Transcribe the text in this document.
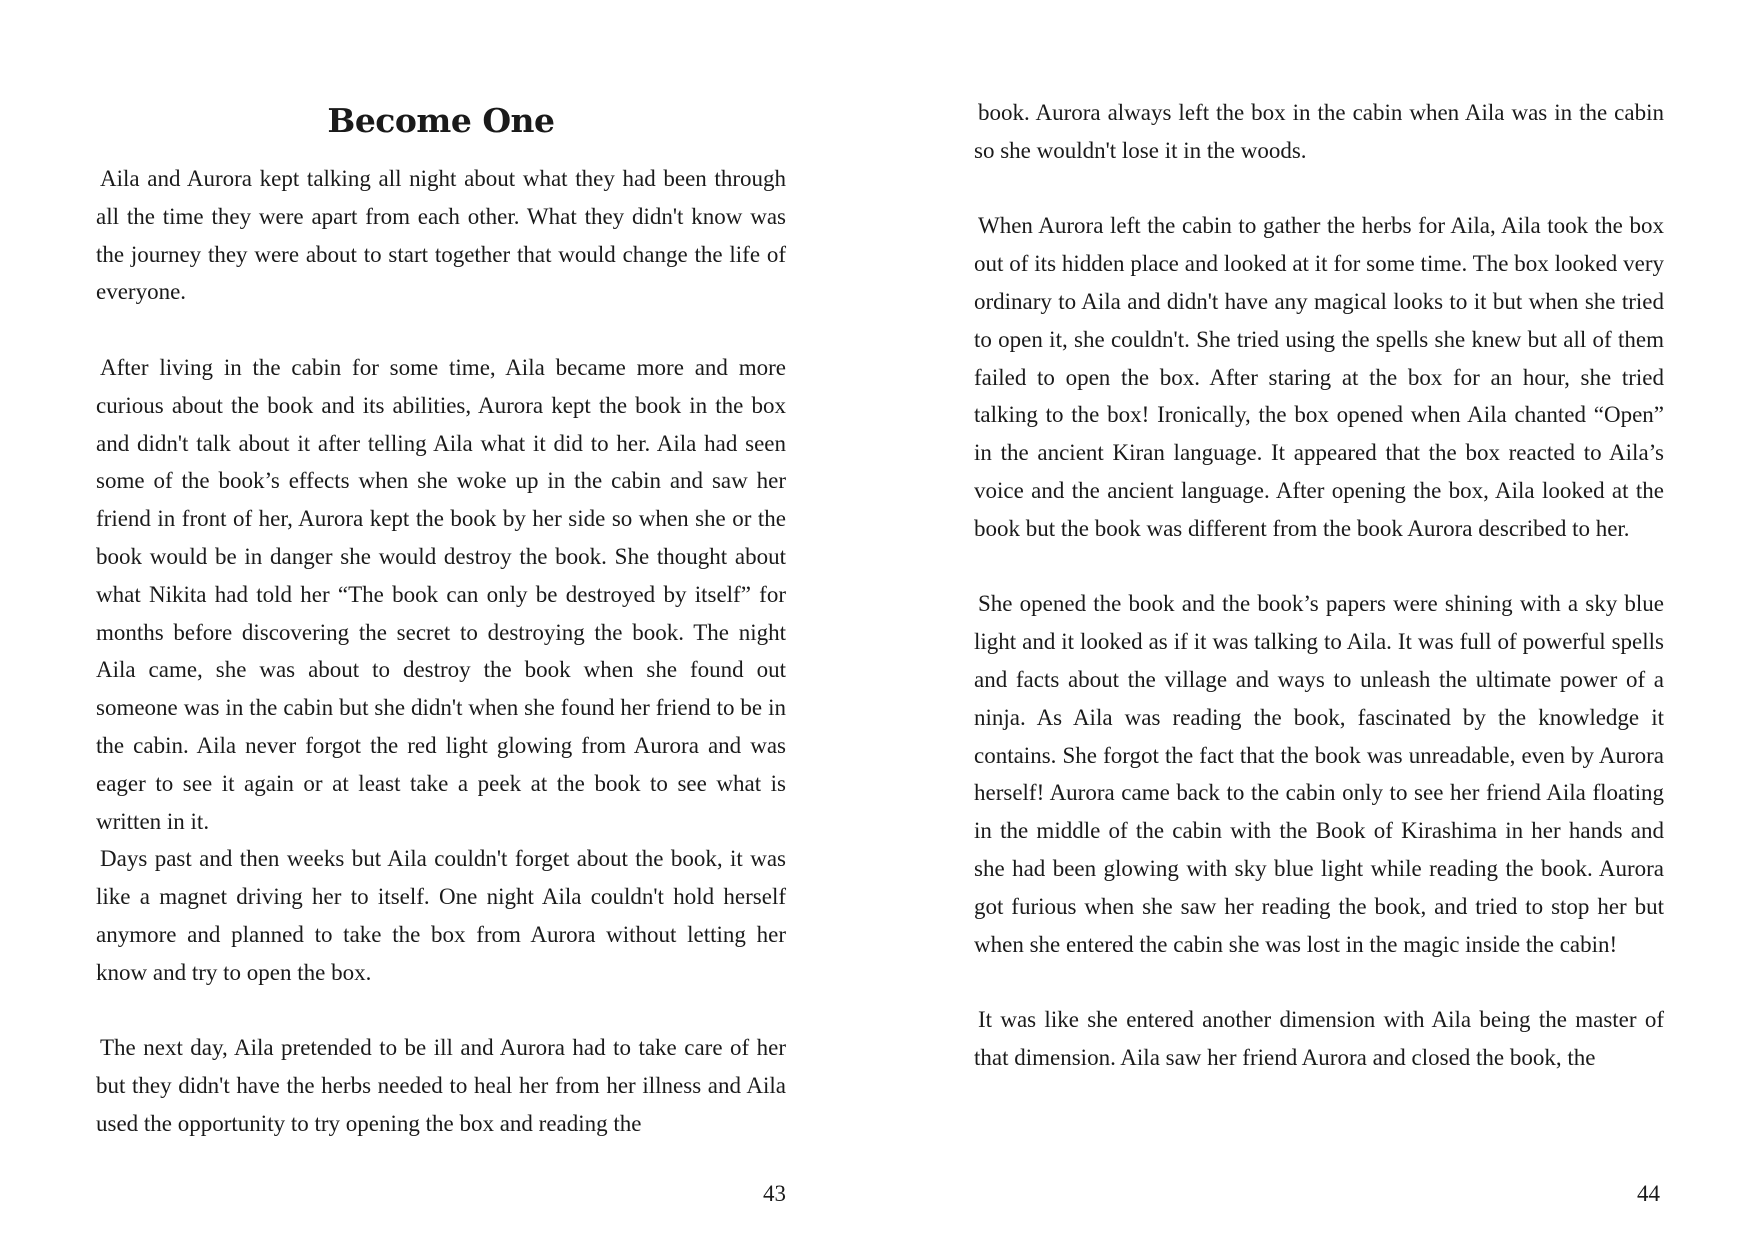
Become One

Aila and Aurora kept talking all night about what they had been through all the time they were apart from each other. What they didn't know was the journey they were about to start together that would change the life of everyone.

After living in the cabin for some time, Aila became more and more curious about the book and its abilities, Aurora kept the book in the box and didn't talk about it after telling Aila what it did to her. Aila had seen some of the book’s effects when she woke up in the cabin and saw her friend in front of her, Aurora kept the book by her side so when she or the book would be in danger she would destroy the book. She thought about what Nikita had told her “The book can only be destroyed by itself” for months before discovering the secret to destroying the book. The night Aila came, she was about to destroy the book when she found out someone was in the cabin but she didn't when she found her friend to be in the cabin. Aila never forgot the red light glowing from Aurora and was eager to see it again or at least take a peek at the book to see what is written in it.

Days past and then weeks but Aila couldn't forget about the book, it was like a magnet driving her to itself. One night Aila couldn't hold herself anymore and planned to take the box from Aurora without letting her know and try to open the box.

The next day, Aila pretended to be ill and Aurora had to take care of her but they didn't have the herbs needed to heal her from her illness and Aila used the opportunity to try opening the box and reading the

43

book. Aurora always left the box in the cabin when Aila was in the cabin so she wouldn't lose it in the woods.

When Aurora left the cabin to gather the herbs for Aila, Aila took the box out of its hidden place and looked at it for some time. The box looked very ordinary to Aila and didn't have any magical looks to it but when she tried to open it, she couldn't. She tried using the spells she knew but all of them failed to open the box. After staring at the box for an hour, she tried talking to the box! Ironically, the box opened when Aila chanted “Open” in the ancient Kiran language. It appeared that the box reacted to Aila’s voice and the ancient language. After opening the box, Aila looked at the book but the book was different from the book Aurora described to her.

She opened the book and the book’s papers were shining with a sky blue light and it looked as if it was talking to Aila. It was full of powerful spells and facts about the village and ways to unleash the ultimate power of a ninja. As Aila was reading the book, fascinated by the knowledge it contains. She forgot the fact that the book was unreadable, even by Aurora herself! Aurora came back to the cabin only to see her friend Aila floating in the middle of the cabin with the Book of Kirashima in her hands and she had been glowing with sky blue light while reading the book. Aurora got furious when she saw her reading the book, and tried to stop her but when she entered the cabin she was lost in the magic inside the cabin!

It was like she entered another dimension with Aila being the master of that dimension. Aila saw her friend Aurora and closed the book, the

44
